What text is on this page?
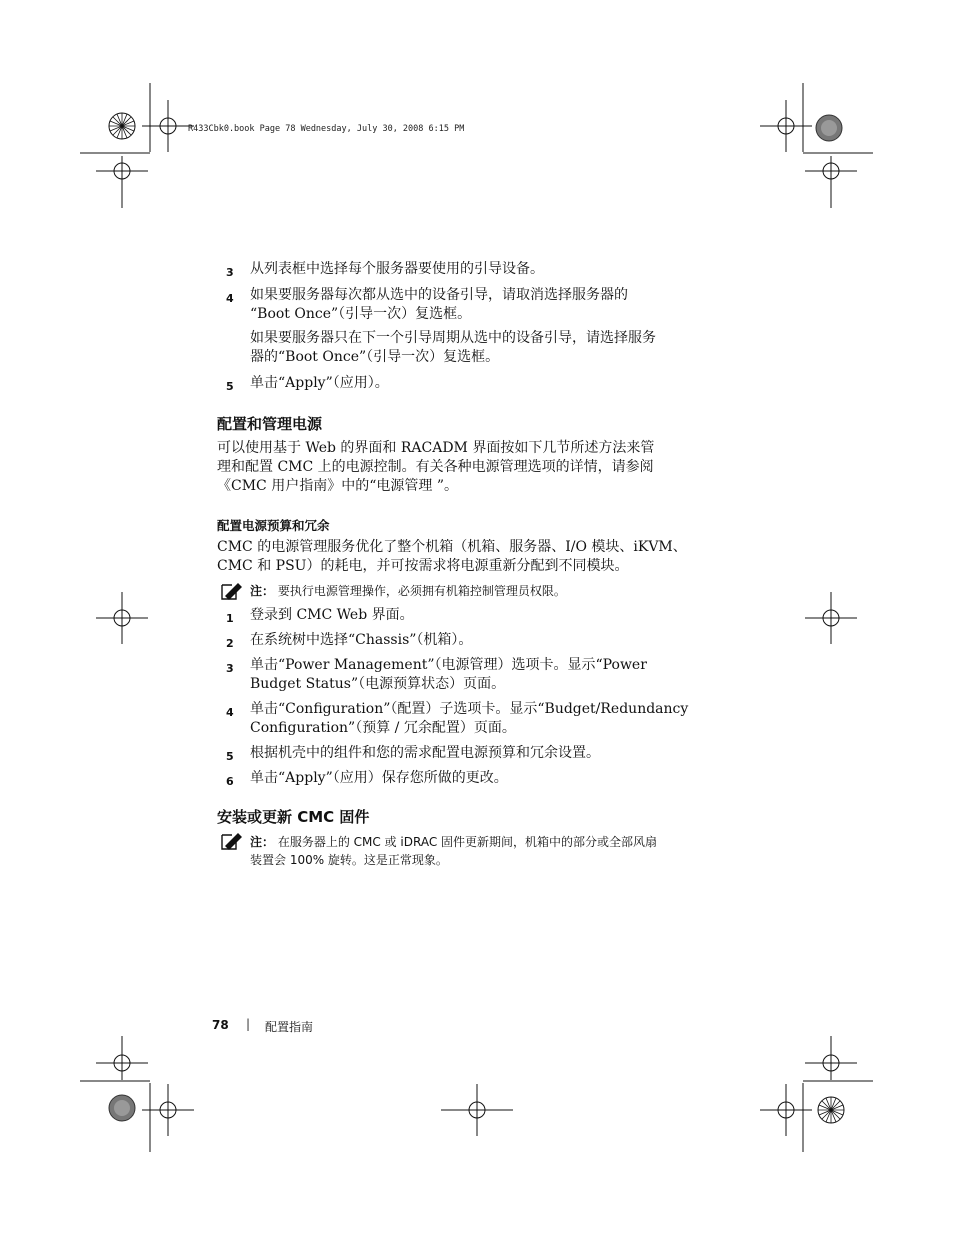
R433Cbk0.book Page 78 Wednesday, July 30, 2008 6:15 PM
3 从列表框中选择每个服务器要使用的引导设备。
4 如果要服务器每次都从选中的设备引导，请取消选择服务器的
“Boot Once”（引导一次）复选框。
如果要服务器只在下一个引导周期从选中的设备引导，请选择服务
器的“Boot Once”（引导一次）复选框。
5 单击“Apply”（应用）。
配置和管理电源
可以使用基于 Web 的界面和 RACADM 界面按如下几节所述方法来管
理和配置 CMC 上的电源控制。有关各种电源管理选项的详情，请参阅
《CMC 用户指南》中的“电源管理 ”。
配置电源预算和冗余
CMC 的电源管理服务优化了整个机箱（机箱、服务器、I/O 模块、iKVM、
CMC 和 PSU）的耗电，并可按需求将电源重新分配到不同模块。
注： 要执行电源管理操作，必须拥有机箱控制管理员权限。
1 登录到 CMC Web 界面。
2 在系统树中选择“Chassis”（机箱）。
3 单击“Power Management”（电源管理）选项卡。显示“Power
Budget Status”（电源预算状态）页面。
4 单击“Configuration”（配置）子选项卡。显示“Budget/Redundancy
Configuration”（预算 / 冗余配置）页面。
5 根据机壳中的组件和您的需求配置电源预算和冗余设置。
6 单击“Apply”（应用）保存您所做的更改。
安装或更新 CMC 固件
注： 在服务器上的 CMC 或 iDRAC 固件更新期间，机箱中的部分或全部风扇
装置会 100% 旋转。这是正常现象。
78 | 配置指南
